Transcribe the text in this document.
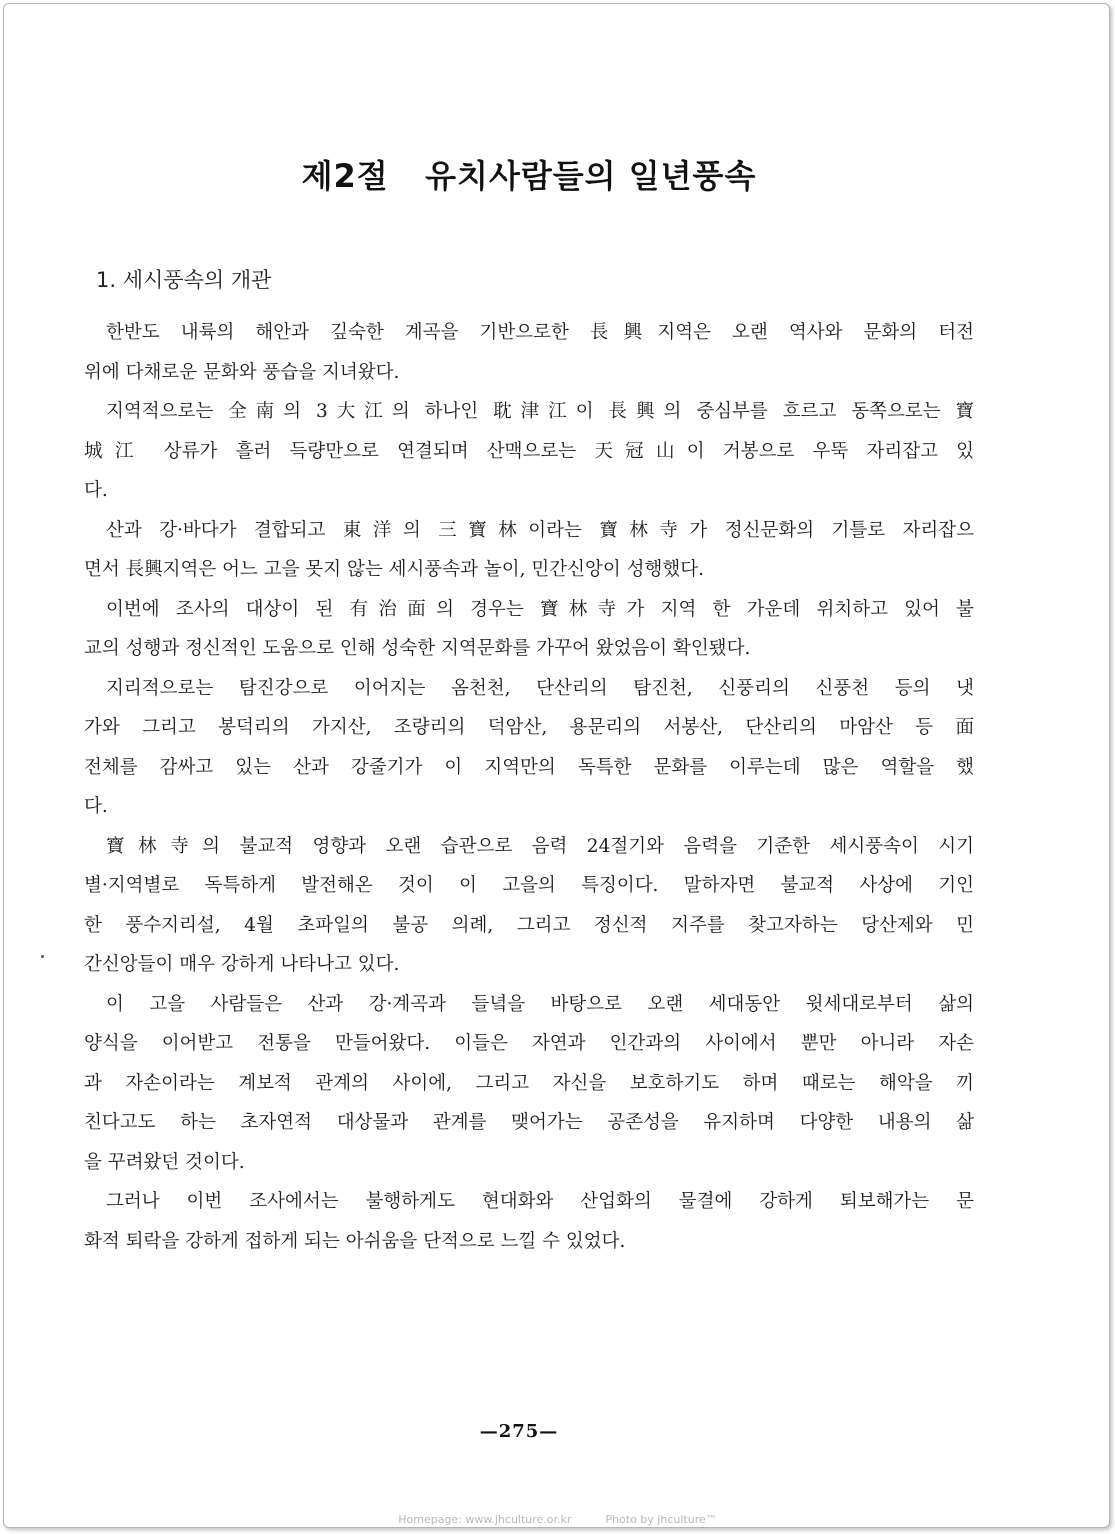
제2절   유치사람들의 일년풍속
1. 세시풍속의 개관
한반도 내륙의 해안과 깊숙한 계곡을 기반으로한 長興지역은 오랜 역사와 문화의 터전
위에 다채로운 문화와 풍습을 지녀왔다.
지역적으로는 全南의 3大江의 하나인 耽津江이 長興의 중심부를 흐르고 동쪽으로는 寶
城江 상류가 흘러 득량만으로 연결되며 산맥으로는 天冠山이 거봉으로 우뚝 자리잡고 있
다.
산과 강·바다가 결합되고 東洋의 三寶林이라는 寶林寺가 정신문화의 기틀로 자리잡으
면서 長興지역은 어느 고을 못지 않는 세시풍속과 놀이, 민간신앙이 성행했다.
이번에 조사의 대상이 된 有治面의 경우는 寶林寺가 지역 한 가운데 위치하고 있어 불
교의 성행과 정신적인 도움으로 인해 성숙한 지역문화를 가꾸어 왔었음이 확인됐다.
지리적으로는 탐진강으로 이어지는 옴천천, 단산리의 탐진천, 신풍리의 신풍천 등의 냇
가와 그리고 봉덕리의 가지산, 조량리의 덕암산, 용문리의 서봉산, 단산리의 마암산 등 面
전체를 감싸고 있는 산과 강줄기가 이 지역만의 독특한 문화를 이루는데 많은 역할을 했
다.
寶林寺의 불교적 영향과 오랜 습관으로 음력 24절기와 음력을 기준한 세시풍속이 시기
별·지역별로 독특하게 발전해온 것이 이 고을의 특징이다. 말하자면 불교적 사상에 기인
한 풍수지리설, 4월 초파일의 불공 의례, 그리고 정신적 지주를 찾고자하는 당산제와 민
간신앙들이 매우 강하게 나타나고 있다.
이 고을 사람들은 산과 강·계곡과 들녘을 바탕으로 오랜 세대동안 윗세대로부터 삶의
양식을 이어받고 전통을 만들어왔다. 이들은 자연과 인간과의 사이에서 뿐만 아니라 자손
과 자손이라는 계보적 관계의 사이에, 그리고 자신을 보호하기도 하며 때로는 해악을 끼
친다고도 하는 초자연적 대상물과 관계를 맺어가는 공존성을 유지하며 다양한 내용의 삶
을 꾸려왔던 것이다.
그러나 이번 조사에서는 불행하게도 현대화와 산업화의 물결에 강하게 퇴보해가는 문
화적 퇴락을 강하게 접하게 되는 아쉬움을 단적으로 느낄 수 있었다.
—275—
Homepage: www.jhculture.or.kr	Photo by jhculture™
